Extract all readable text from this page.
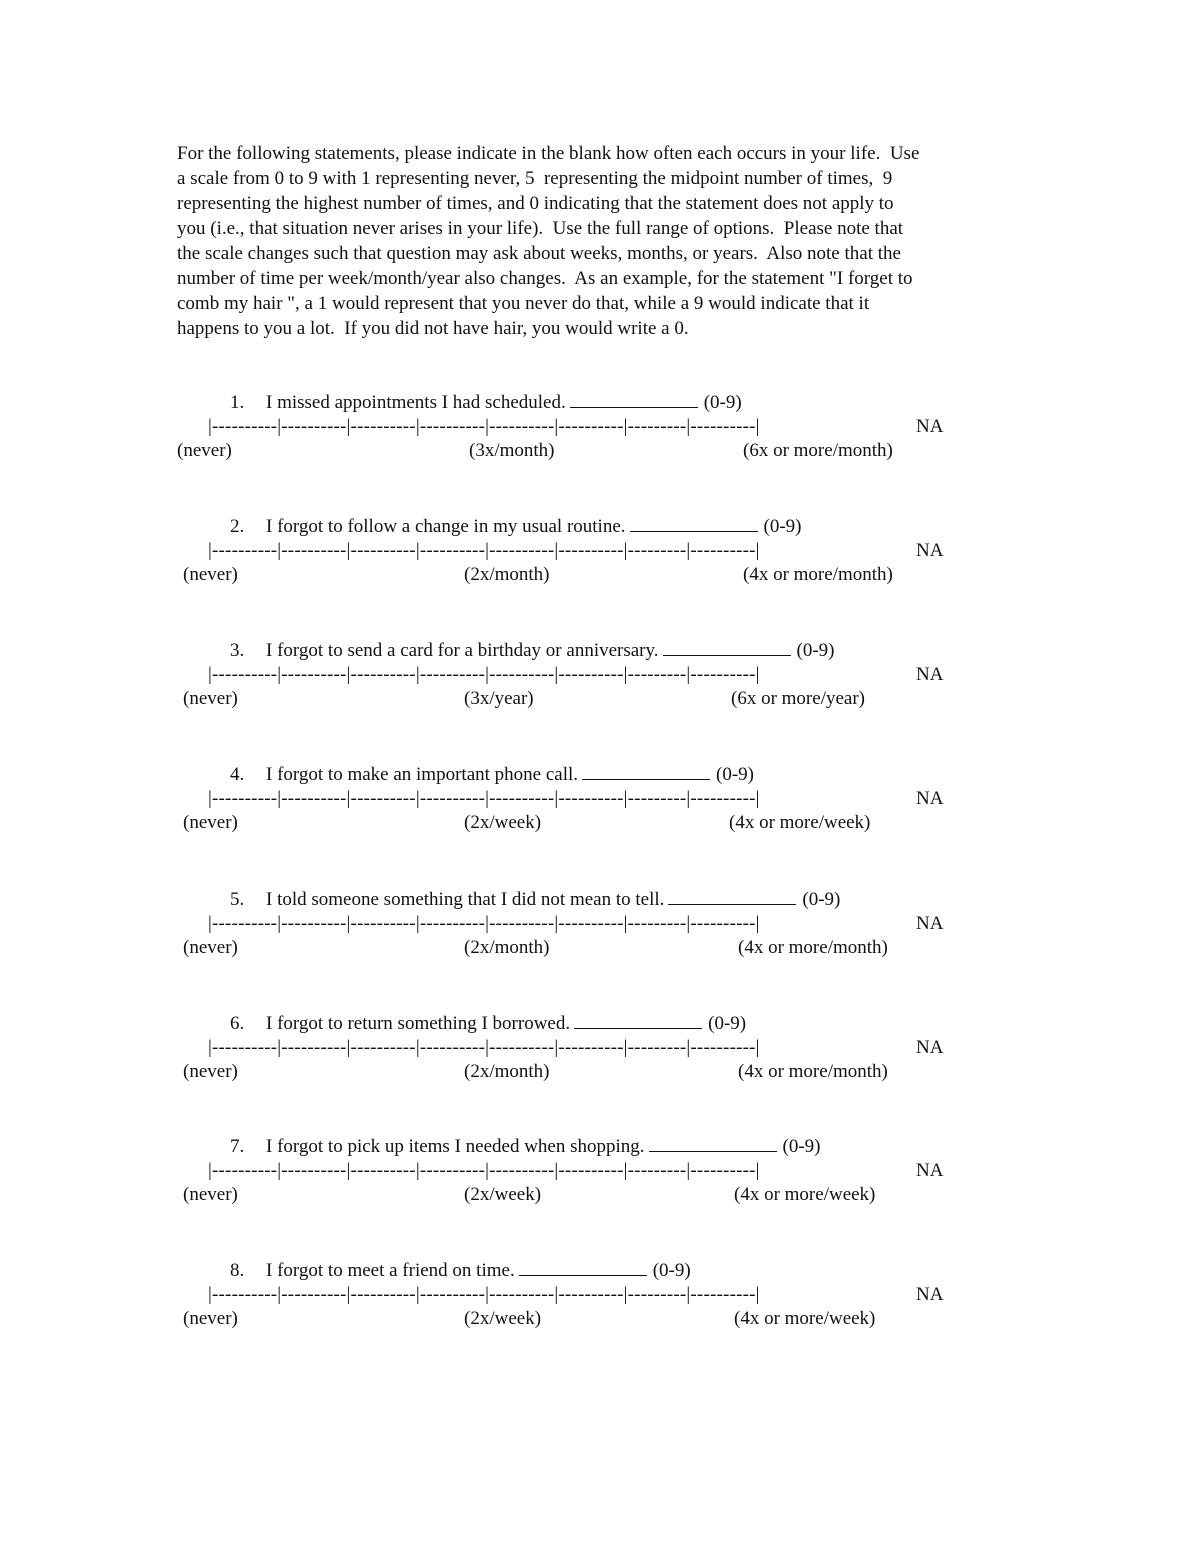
For the following statements, please indicate in the blank how often each occurs in your life.  Use
a scale from 0 to 9 with 1 representing never, 5  representing the midpoint number of times,  9
representing the highest number of times, and 0 indicating that the statement does not apply to
you (i.e., that situation never arises in your life).  Use the full range of options.  Please note that
the scale changes such that question may ask about weeks, months, or years.  Also note that the
number of time per week/month/year also changes.  As an example, for the statement "I forget to
comb my hair ", a 1 would represent that you never do that, while a 9 would indicate that it
happens to you a lot.  If you did not have hair, you would write a 0.

1. I missed appointments I had scheduled.	(0-9)

|----------|----------|----------|----------|----------|----------|---------|----------|	NA
(never)	(3x/month)	(6x or more/month)

2. I forgot to follow a change in my usual routine.	(0-9)

|----------|----------|----------|----------|----------|----------|---------|----------|	NA
(never)	(2x/month)	(4x or more/month)

3. I forgot to send a card for a birthday or anniversary.	(0-9)

|----------|----------|----------|----------|----------|----------|---------|----------|	NA
(never)	(3x/year)	(6x or more/year)

4. I forgot to make an important phone call.	(0-9)

|----------|----------|----------|----------|----------|----------|---------|----------|	NA
(never)	(2x/week)	(4x or more/week)

5. I told someone something that I did not mean to tell.	(0-9)

|----------|----------|----------|----------|----------|----------|---------|----------|	NA
(never)	(2x/month)	(4x or more/month)

6. I forgot to return something I borrowed.	(0-9)

|----------|----------|----------|----------|----------|----------|---------|----------|	NA
(never)	(2x/month)	(4x or more/month)

7. I forgot to pick up items I needed when shopping.	(0-9)

|----------|----------|----------|----------|----------|----------|---------|----------|	NA
(never)	(2x/week)	(4x or more/week)

8. I forgot to meet a friend on time.	(0-9)

|----------|----------|----------|----------|----------|----------|---------|----------|	NA
(never)	(2x/week)	(4x or more/week)
